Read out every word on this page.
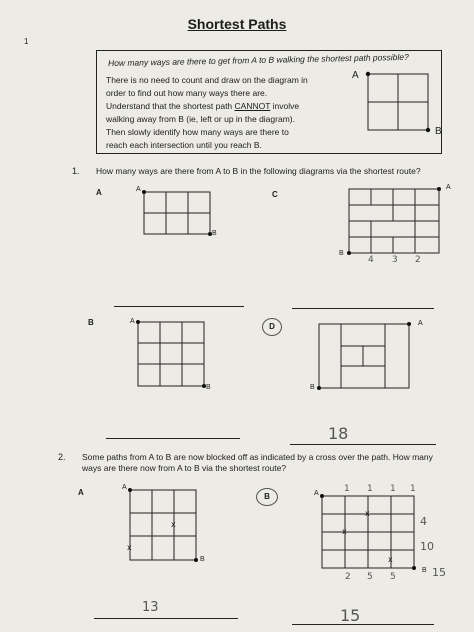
Shortest Paths
1
How many ways are there to get from A to B walking the shortest path possible?
There is no need to count and draw on the diagram in order to find out how many ways there are. Understand that the shortest path CANNOT involve walking away from B (ie, left or up in the diagram). Then slowly identify how many ways are there to reach each intersection until you reach B.
A
B
1. How many ways are there from A to B in the following diagrams via the shortest route?
A	A
B
C
A
B
4 3 2
B	A
B
D	A
B
18
2. Some paths from A to B are now blocked off as indicated by a cross over the path. How many ways are there now from A to B via the shortest route?
A
A
B
x
x
13
B	A
B
x
x
x
1 1 1 1
4
10
15
2 5 5
15
